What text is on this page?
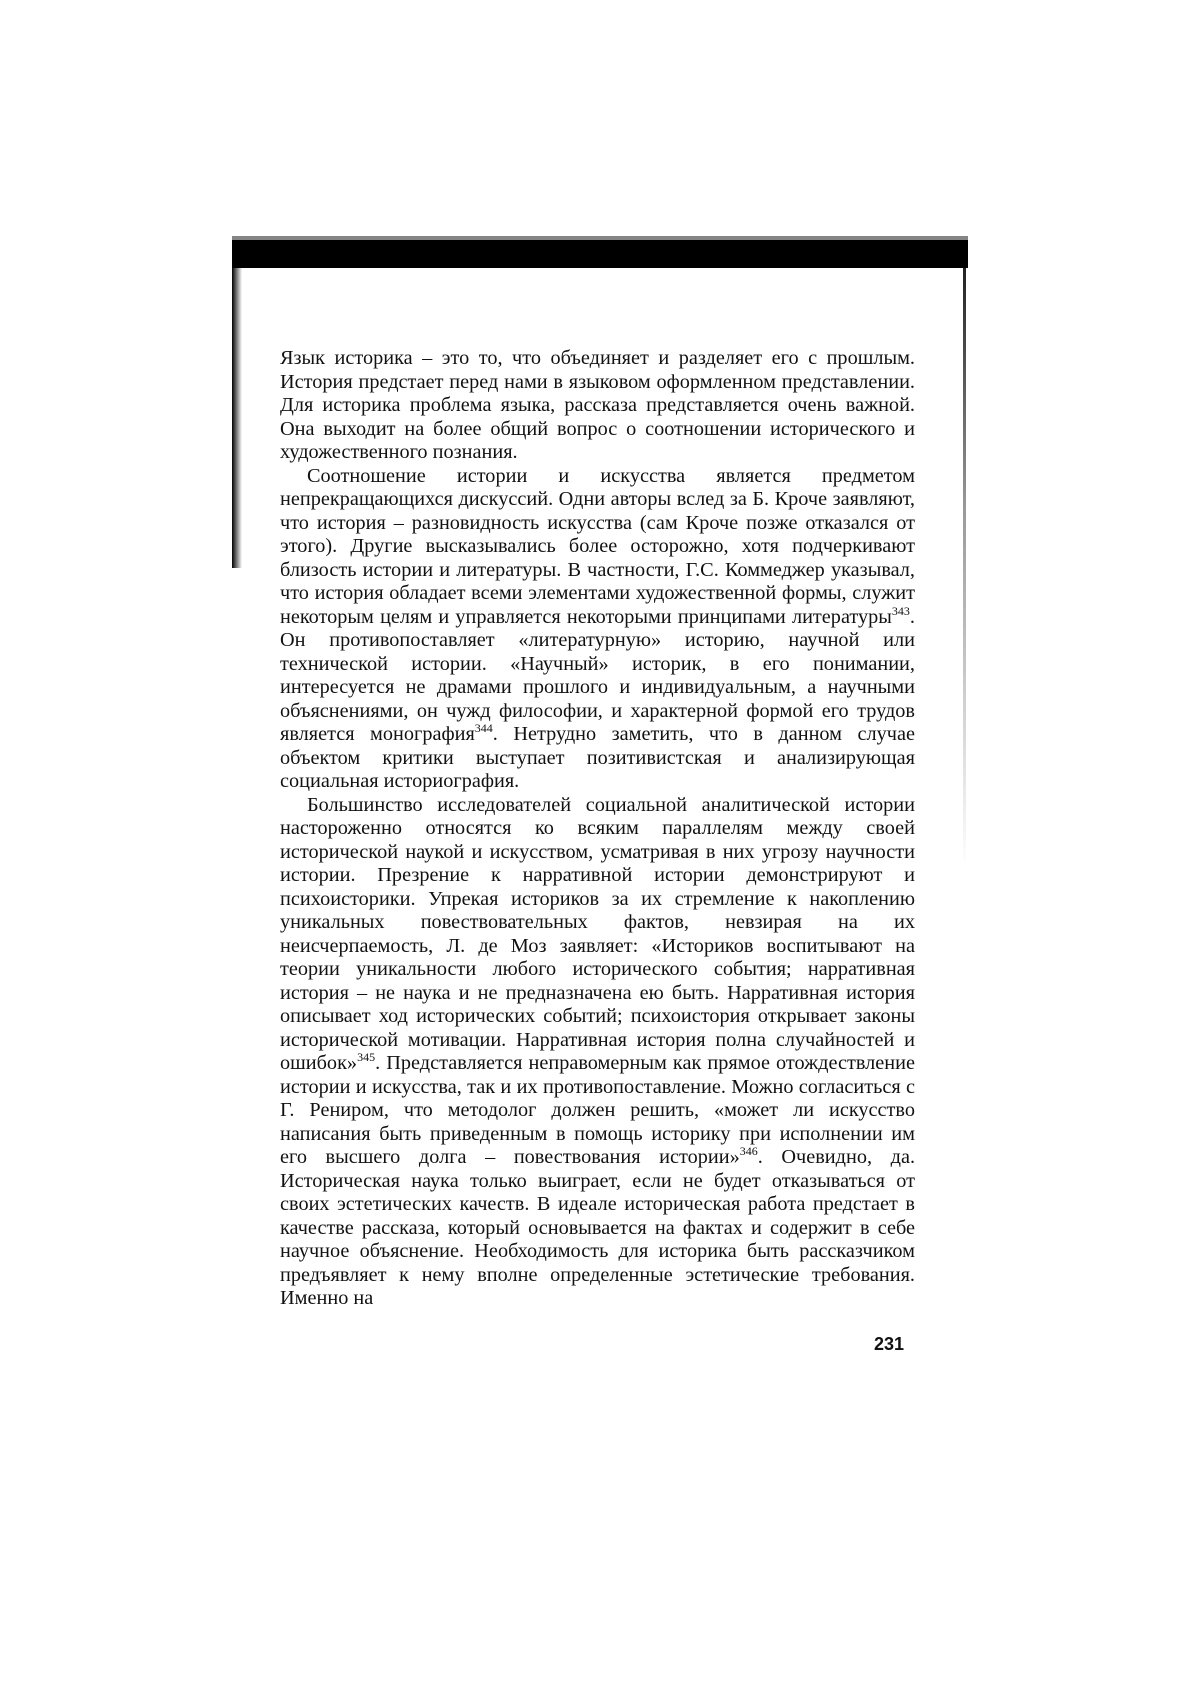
Язык историка – это то, что объединяет и разделяет его с прошлым. История предстает перед нами в языковом оформленном представлении. Для историка проблема языка, рассказа представляется очень важной. Она выходит на более общий вопрос о соотношении исторического и художественного познания.

Соотношение истории и искусства является предметом непрекращающихся дискуссий. Одни авторы вслед за Б. Кроче заявляют, что история – разновидность искусства (сам Кроче позже отказался от этого). Другие высказывались более осторожно, хотя подчеркивают близость истории и литературы. В частности, Г.С. Коммеджер указывал, что история обладает всеми элементами художественной формы, служит некоторым целям и управляется некоторыми принципами литературы$^{343}$. Он противопоставляет «литературную» историю, научной или технической истории. «Научный» историк, в его понимании, интересуется не драмами прошлого и индивидуальным, а научными объяснениями, он чужд философии, и характерной формой его трудов является монография$^{344}$. Нетрудно заметить, что в данном случае объектом критики выступает позитивистская и анализирующая социальная историография.

Большинство исследователей социальной аналитической истории настороженно относятся ко всяким параллелям между своей исторической наукой и искусством, усматривая в них угрозу научности истории. Презрение к нарративной истории демонстрируют и психоисторики. Упрекая историков за их стремление к накоплению уникальных повествовательных фактов, невзирая на их неисчерпаемость, Л. де Моз заявляет: «Историков воспитывают на теории уникальности любого исторического события; нарративная история – не наука и не предназначена ею быть. Нарративная история описывает ход исторических событий; психоистория открывает законы исторической мотивации. Нарративная история полна случайностей и ошибок»$^{345}$. Представляется неправомерным как прямое отождествление истории и искусства, так и их противопоставление. Можно согласиться с Г. Рениром, что методолог должен решить, «может ли искусство написания быть приведенным в помощь историку при исполнении им его высшего долга – повествования истории»$^{346}$. Очевидно, да. Историческая наука только выиграет, если не будет отказываться от своих эстетических качеств. В идеале историческая работа предстает в качестве рассказа, который основывается на фактах и содержит в себе научное объяснение. Необходимость для историка быть рассказчиком предъявляет к нему вполне определенные эстетические требования. Именно на

231
